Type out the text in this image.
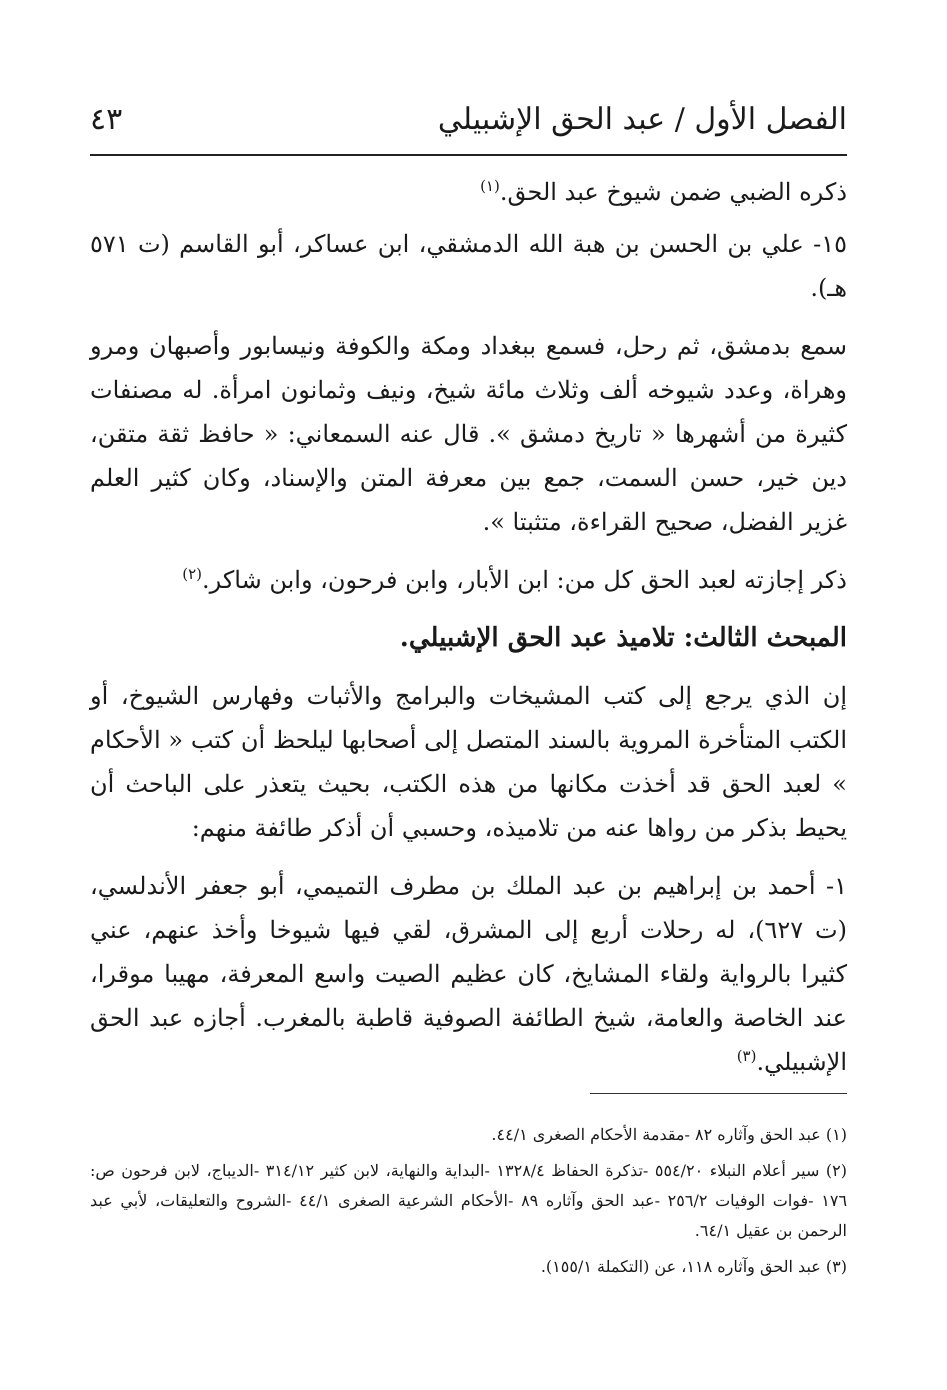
الفصل الأول / عبد الحق الإشبيلي
٤٣

ذكره الضبي ضمن شيوخ عبد الحق.$^{(١)}$

١٥- علي بن الحسن بن هبة الله الدمشقي، ابن عساكر، أبو القاسم (ت ٥٧١ هـ).

سمع بدمشق، ثم رحل، فسمع ببغداد ومكة والكوفة ونيسابور وأصبهان ومرو وهراة، وعدد شيوخه ألف وثلاث مائة شيخ، ونيف وثمانون امرأة. له مصنفات كثيرة من أشهرها « تاريخ دمشق ». قال عنه السمعاني: « حافظ ثقة متقن، دين خير، حسن السمت، جمع بين معرفة المتن والإسناد، وكان كثير العلم غزير الفضل، صحيح القراءة، متثبتا ».

ذكر إجازته لعبد الحق كل من: ابن الأبار، وابن فرحون، وابن شاكر.$^{(٢)}$

المبحث الثالث: تلاميذ عبد الحق الإشبيلي.

إن الذي يرجع إلى كتب المشيخات والبرامج والأثبات وفهارس الشيوخ، أو الكتب المتأخرة المروية بالسند المتصل إلى أصحابها ليلحظ أن كتب « الأحكام » لعبد الحق قد أخذت مكانها من هذه الكتب، بحيث يتعذر على الباحث أن يحيط بذكر من رواها عنه من تلاميذه، وحسبي أن أذكر طائفة منهم:

١- أحمد بن إبراهيم بن عبد الملك بن مطرف التميمي، أبو جعفر الأندلسي، (ت ٦٢٧)، له رحلات أربع إلى المشرق، لقي فيها شيوخا وأخذ عنهم، عني كثيرا بالرواية ولقاء المشايخ، كان عظيم الصيت واسع المعرفة، مهيبا موقرا، عند الخاصة والعامة، شيخ الطائفة الصوفية قاطبة بالمغرب. أجازه عبد الحق الإشبيلي.$^{(٣)}$

(١) عبد الحق وآثاره ٨٢ -مقدمة الأحكام الصغرى ٤٤/١.

(٢) سير أعلام النبلاء ٥٥٤/٢٠ -تذكرة الحفاظ ١٣٢٨/٤ -البداية والنهاية، لابن كثير ٣١٤/١٢ -الديباج، لابن فرحون ص: ١٧٦ -فوات الوفيات ٢٥٦/٢ -عبد الحق وآثاره ٨٩ -الأحكام الشرعية الصغرى ٤٤/١ -الشروح والتعليقات، لأبي عبد الرحمن بن عقيل ٦٤/١.

(٣) عبد الحق وآثاره ١١٨، عن (التكملة ١٥٥/١).
